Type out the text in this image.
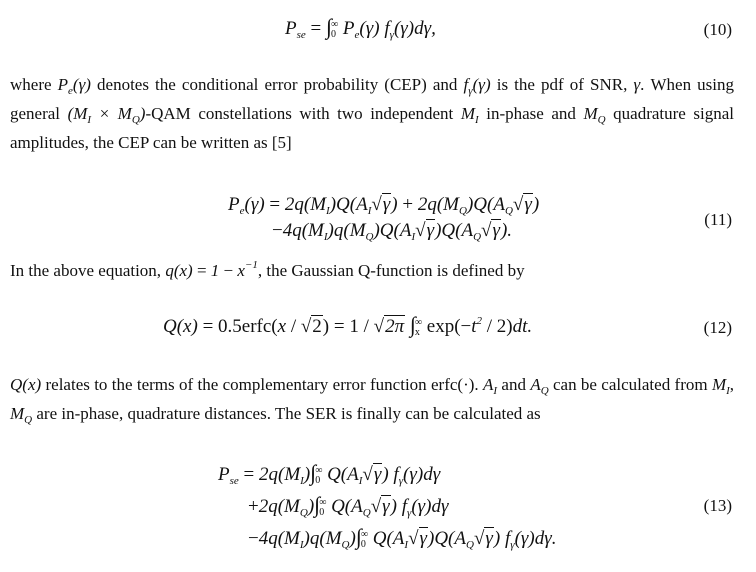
$P_{se}$ = ∫ ∞
0 $P_e(\gamma)$ $f_\gamma(\gamma)d\gamma$,	(10)
where $P_e(\gamma)$ denotes the conditional error probability (CEP) and $f_\gamma(\gamma)$ is the pdf of SNR, γ. When using general $(M_I \times M_Q)-QAM$ constellations with two independent $M_I$ in-phase and $M_Q$ quadrature signal amplitudes, the CEP can be written as [5]
$P_e(\gamma) = 2q(M_I)Q(A_I√\gamma) + 2q(M_Q)Q(A_Q√\gamma)$
$-4q(M_I)q(M_Q)Q(A_I√\gamma)Q(A_Q√\gamma)$.
(11)
In the above equation, $q(x) = 1 - x^{-1}$, the Gaussian Q-function is defined by
Q(x) = 0.5erfc(x / √2) = 1 / √2π ∫ ∞
x $\exp(-t^2 / 2)dt$.	(12)
Q(x) relates to the terms of the complementary error function erfc(·). $A_I$ and $A_Q$ can be calculated from $M_I$, $M_Q$ are in-phase, quadrature distances. The SER is finally can be calculated as
$P_{se} = 2q(M_I)\int$ ∞
0 $Q(A_I√\gamma)$ $f_\gamma(\gamma)d\gamma$
$+2q(M_Q)\int$ ∞
0 $Q(A_Q√\gamma)$ $f_\gamma(\gamma)d\gamma$
$-4q(M_I)q(M_Q)\int$ ∞
0 $Q(A_I√\gamma)Q(A_Q√\gamma)$ $f_\gamma(\gamma)d\gamma$.
(13)
